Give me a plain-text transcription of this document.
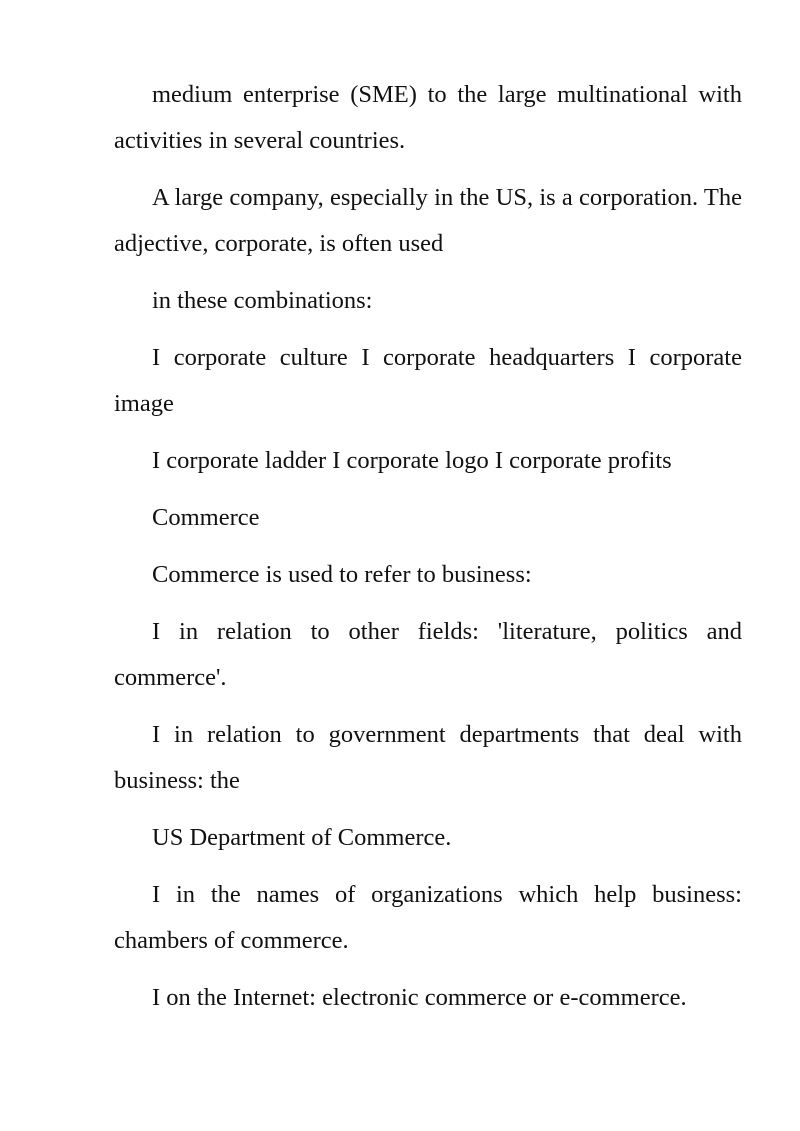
medium enterprise (SME) to the large multinational with activities in several countries.

A large company, especially in the US, is a corporation. The adjective, corporate, is often used

in these combinations:

I corporate culture I corporate headquarters I corporate image

I corporate ladder I corporate logo I corporate profits

Commerce

Commerce is used to refer to business:

I in relation to other fields: 'literature, politics and commerce'.

I in relation to government departments that deal with business: the

US Department of Commerce.

I in the names of organizations which help business: chambers of commerce.

I on the Internet: electronic commerce or e-commerce.
